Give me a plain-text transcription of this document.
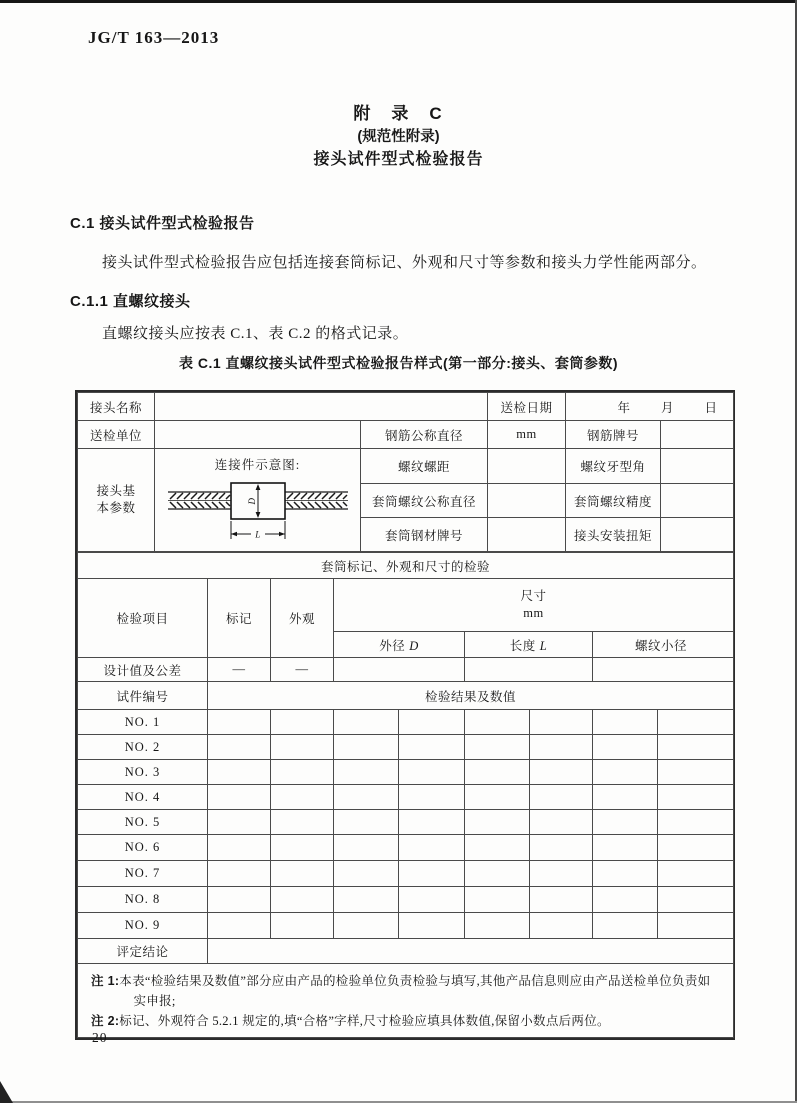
JG/T 163—2013
附　录　C
(规范性附录)
接头试件型式检验报告
C.1 接头试件型式检验报告
接头试件型式检验报告应包括连接套筒标记、外观和尺寸等参数和接头力学性能两部分。
C.1.1 直螺纹接头
直螺纹接头应按表 C.1、表 C.2 的格式记录。
表 C.1 直螺纹接头试件型式检验报告样式(第一部分:接头、套筒参数)
接头名称			送检日期	年　　月　　日	
送检单位		钢筋公称直径	mm	钢筋牌号	

接头基
本参数

连接件示意图:
D
L
	螺纹螺距		螺纹牙型角	
		套筒螺纹公称直径		套筒螺纹精度	
		套筒钢材牌号		接头安装扭矩	
套筒标记、外观和尺寸的检验								
检验项目	标记	外观	尺寸
mm					

			外径 D		长度 L		螺纹小径	
设计值及公差	—	—						
试件编号	检验结果及数值							
NO. 1								
NO. 2								
NO. 3								
NO. 4								
NO. 5								
NO. 6								
NO. 7								
NO. 8								
NO. 9								
评定结论								

注 1:本表“检验结果及数值”部分应由产品的检验单位负责检验与填写,其他产品信息则应由产品送检单位负责如实申报;
注 2:标记、外观符合 5.2.1 规定的,填“合格”字样,尺寸检验应填具体数值,保留小数点后两位。								
20
